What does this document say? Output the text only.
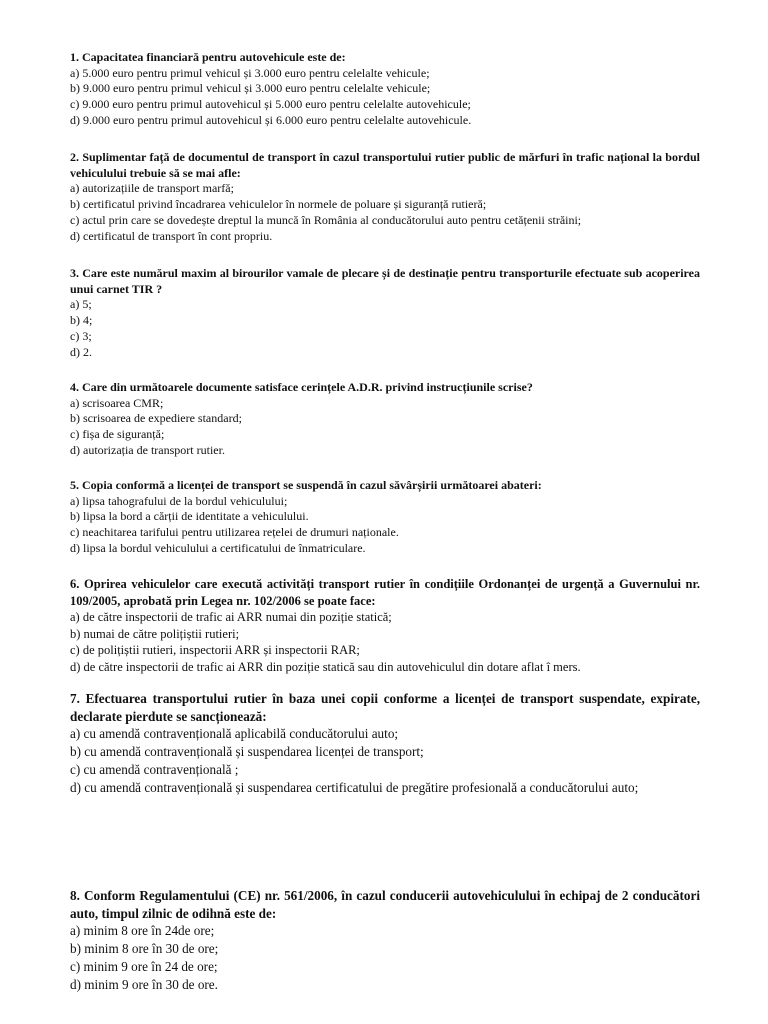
1. Capacitatea financiară pentru autovehicule este de:

a) 5.000 euro pentru primul vehicul și 3.000 euro pentru celelalte vehicule;

b) 9.000 euro pentru primul vehicul și 3.000 euro pentru celelalte vehicule;

c) 9.000 euro pentru primul autovehicul și 5.000 euro pentru celelalte autovehicule;

d) 9.000 euro pentru primul autovehicul și 6.000 euro pentru celelalte autovehicule.

2. Suplimentar față de documentul de transport în cazul transportului rutier public de mărfuri în trafic național la bordul vehiculului trebuie să se mai afle:

a) autorizațiile de transport marfă;

b) certificatul privind încadrarea vehiculelor în normele de poluare și siguranță rutieră;

c) actul prin care se dovedește dreptul la muncă în România al conducătorului auto pentru cetățenii străini;

d) certificatul de transport în cont propriu.

3. Care este numărul maxim al birourilor vamale de plecare și de destinație pentru transporturile efectuate sub acoperirea unui carnet TIR ?

a) 5;

b) 4;

c) 3;

d) 2.

4. Care din următoarele documente satisface cerințele A.D.R. privind instrucțiunile scrise?

a) scrisoarea CMR;

b) scrisoarea de expediere standard;

c) fișa de siguranță;

d) autorizația de transport rutier.

5. Copia conformă a licenței de transport se suspendă în cazul săvârșirii următoarei abateri:

a) lipsa tahografului de la bordul vehiculului;

b) lipsa la bord a cărții de identitate a vehiculului.

c) neachitarea tarifului pentru utilizarea rețelei de drumuri naționale.

d) lipsa la bordul vehiculului a certificatului de înmatriculare.

6. Oprirea vehiculelor care execută activități transport rutier în condițiile Ordonanței de urgență a Guvernului nr. 109/2005, aprobată prin Legea nr. 102/2006 se poate face:

a) de către inspectorii de trafic ai ARR numai din poziție statică;

b) numai de către polițiștii rutieri;

c) de polițiștii rutieri, inspectorii ARR și inspectorii RAR;

d) de către inspectorii de trafic ai ARR din poziție statică sau din autovehiculul din dotare aflat î mers.

7. Efectuarea transportului rutier în baza unei copii conforme a licenței de transport suspendate, expirate, declarate pierdute se sancționează:

a) cu amendă contravențională aplicabilă conducătorului auto;

b) cu amendă contravențională și suspendarea licenței de transport;

c) cu amendă contravențională ;

d) cu amendă contravențională și suspendarea certificatului de pregătire profesională a conducătorului auto;

8. Conform Regulamentului (CE) nr. 561/2006, în cazul conducerii autovehiculului în echipaj de 2 conducători auto, timpul zilnic de odihnă este de:

a) minim 8 ore în 24de ore;

b) minim 8 ore în 30 de ore;

c) minim 9 ore în 24 de ore;

d) minim 9 ore în 30 de ore.
